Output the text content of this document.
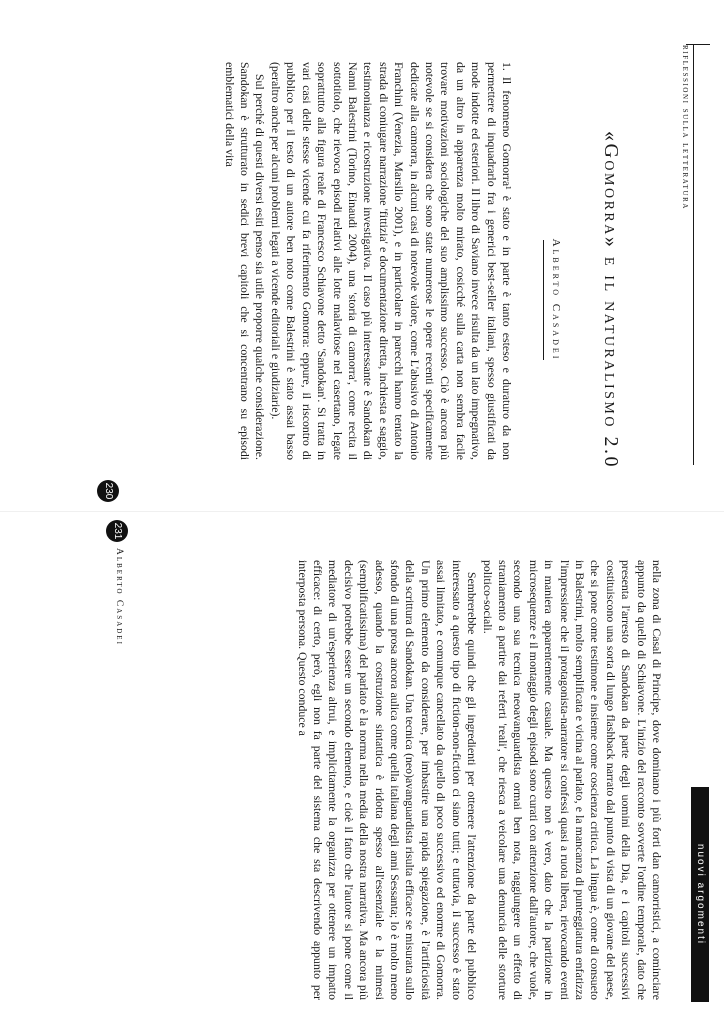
riflessioni sulla letteratura
«Gomorra» e il naturalismo 2.0
Alberto Casadei

1. Il fenomeno Gomorra¹ è stato e in parte è tanto esteso e duraturo da non permettere di inquadrarlo fra i generici best-seller italiani, spesso giustificati da mode indotte ed esteriori. Il libro di Saviano invece risulta da un lato impegnativo, da un altro in apparenza molto mirato, cosicché sulla carta non sembra facile trovare motivazioni sociologiche del suo amplissimo successo. Ciò è ancora più notevole se si considera che sono state numerose le opere recenti specificamente dedicate alla camorra, in alcuni casi di notevole valore, come L'abusivo di Antonio Franchini (Venezia, Marsilio 2001), e in particolare in parecchi hanno tentato la strada di coniugare narrazione 'fittizia' e documentazione diretta, inchiesta e saggio, testimonianza e ricostruzione investigativa. Il caso più interessante è Sandokan di Nanni Balestrini (Torino, Einaudi 2004), una 'storia di camorra', come recita il sottotitolo, che rievoca episodi relativi alle lotte malavitose nel casertano, legate soprattutto alla figura reale di Francesco Schiavone detto 'Sandokan'. Si tratta in vari casi delle stesse vicende cui fa riferimento Gomorra: eppure, il riscontro di pubblico per il testo di un autore ben noto come Balestrini è stato assai basso (peraltro anche per alcuni problemi legati a vicende editoriali e giudiziarie).

Sul perché di questi diversi esiti penso sia utile proporre qualche considerazione. Sandokan è strutturato in sedici brevi capitoli che si concentrano su episodi emblematici della vita

230
nuovi argomenti

nella zona di Casal di Principe, dove dominano i più forti dan camorristici, a cominciare appunto da quello di Schiavone. L'inizio del racconto sovverte l'ordine temporale, dato che presenta l'arresto di Sandokan da parte degli uomini della Dia, e i capitoli successivi costituiscono una sorta di lungo flashback narrato dal punto di vista di un giovane del paese, che si pone come testimone e insieme come coscienza critica. La lingua è, come di consueto in Balestrini, molto semplificata e vicina al parlato, e la mancanza di punteggiatura enfatizza l'impressione che il protagonista-narratore si confessi quasi a ruota libera, rievocando eventi in maniera apparentemente casuale. Ma questo non è vero, dato che la partizione in microsequenze e il montaggio degli episodi sono curati con attenzione dall'autore, che vuole, secondo una sua tecnica neoavanguardista ormai ben nota, raggiungere un effetto di straniamento a partire dai referti 'reali', che riesca a veicolare una denuncia delle storture politico-sociali.

Sembrerebbe quindi che gli ingredienti per ottenere l'attenzione da parte del pubblico interessato a questo tipo di fiction-non-fiction ci siano tutti; e tuttavia, il successo è stato assai limitato, e comunque cancellato da quello di poco successivo ed enorme di Gomorra. Un primo elemento da considerare, per imbastire una rapida spiegazione, è l'artificiosità della scrittura di Sandokan. Una tecnica (neo)avanguardista risulta efficace se misurata sullo sfondo di una prosa ancora aulica come quella italiana degli anni Sessanta; lo è molto meno adesso, quando la costruzione sintattica è ridotta spesso all'essenziale e la mimesi (semplificatissima) del parlato è la norma nella media della nostra narrativa. Ma ancora più decisivo potrebbe essere un secondo elemento, e cioè il fatto che l'autore si pone come il mediatore di un'esperienza altrui, e implicitamente la organizza per ottenere un impatto efficace: di certo, però, egli non fa parte del sistema che sta descrivendo appunto per interposta persona. Questo conduce a

231
Alberto Casadei
